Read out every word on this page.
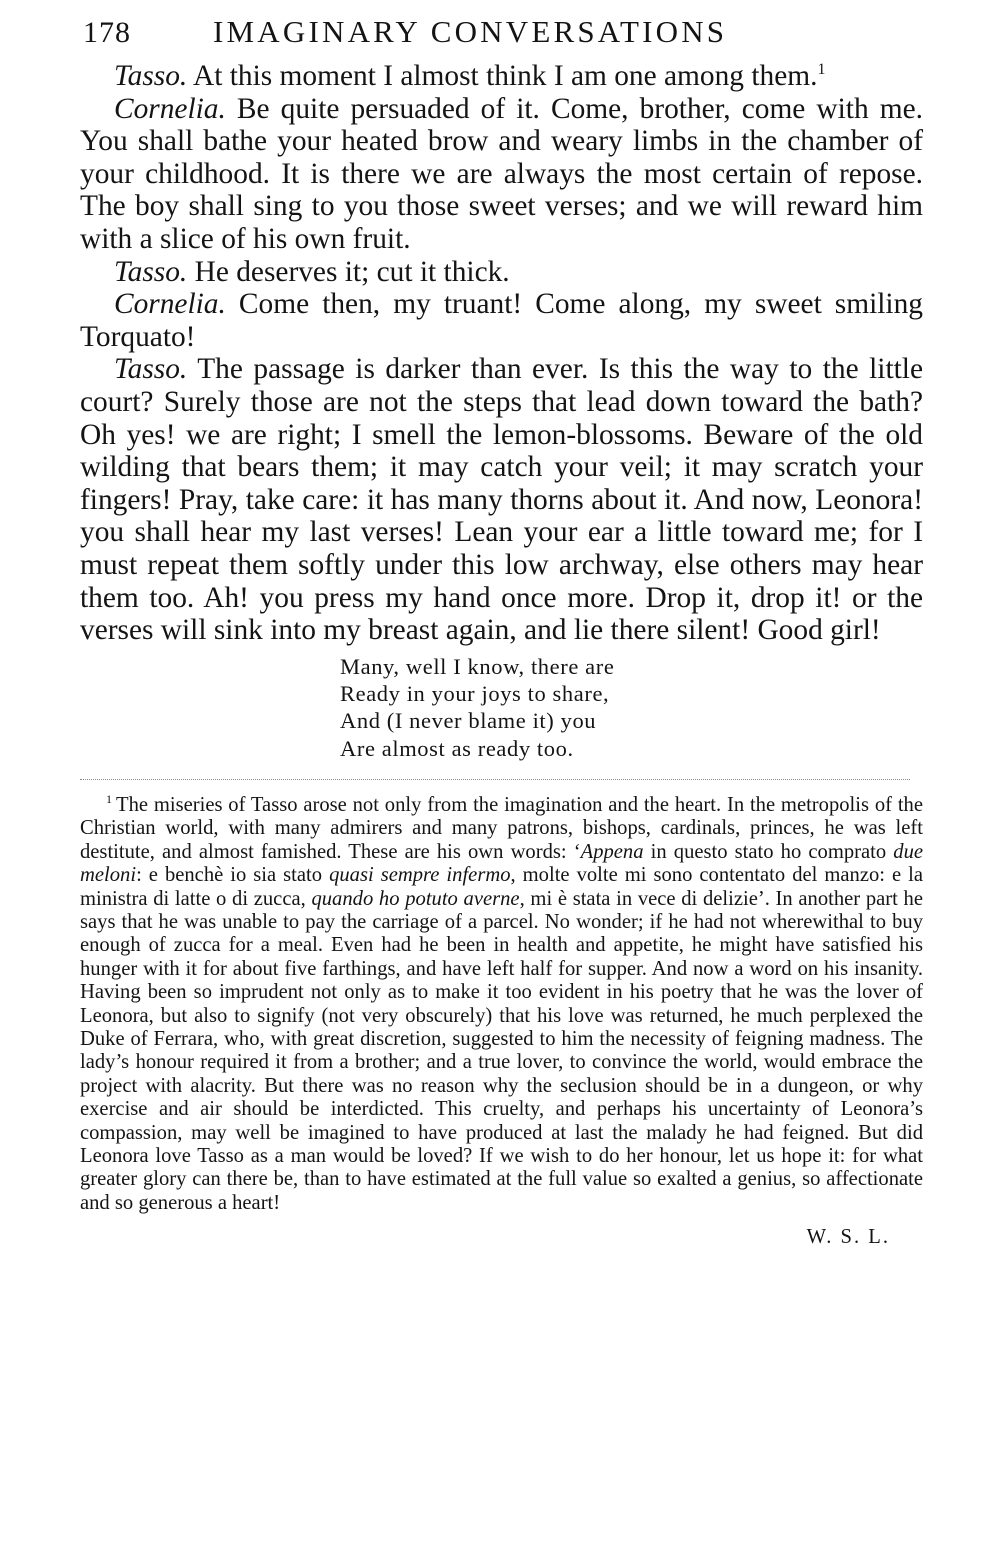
178	IMAGINARY CONVERSATIONS

Tasso. At this moment I almost think I am one among them.$^1$

Cornelia. Be quite persuaded of it. Come, brother, come with me. You shall bathe your heated brow and weary limbs in the chamber of your childhood. It is there we are always the most certain of repose. The boy shall sing to you those sweet verses; and we will reward him with a slice of his own fruit.

Tasso. He deserves it; cut it thick.

Cornelia. Come then, my truant! Come along, my sweet smiling Torquato!

Tasso. The passage is darker than ever. Is this the way to the little court? Surely those are not the steps that lead down toward the bath? Oh yes! we are right; I smell the lemon-blossoms. Beware of the old wilding that bears them; it may catch your veil; it may scratch your fingers! Pray, take care: it has many thorns about it. And now, Leonora! you shall hear my last verses! Lean your ear a little toward me; for I must repeat them softly under this low archway, else others may hear them too. Ah! you press my hand once more. Drop it, drop it! or the verses will sink into my breast again, and lie there silent! Good girl!

Many, well I know, there are
Ready in your joys to share,
And (I never blame it) you
Are almost as ready too.
$^1$ The miseries of Tasso arose not only from the imagination and the heart. In the metropolis of the Christian world, with many admirers and many patrons, bishops, cardinals, princes, he was left destitute, and almost famished. These are his own words: ‘Appena in questo stato ho comprato due meloni: e benchè io sia stato quasi sempre infermo, molte volte mi sono contentato del manzo: e la ministra di latte o di zucca, quando ho potuto averne, mi è stata in vece di delizie’. In another part he says that he was unable to pay the carriage of a parcel. No wonder; if he had not wherewithal to buy enough of zucca for a meal. Even had he been in health and appetite, he might have satisfied his hunger with it for about five farthings, and have left half for supper. And now a word on his insanity. Having been so imprudent not only as to make it too evident in his poetry that he was the lover of Leonora, but also to signify (not very obscurely) that his love was returned, he much perplexed the Duke of Ferrara, who, with great discretion, suggested to him the necessity of feigning madness. The lady’s honour required it from a brother; and a true lover, to convince the world, would embrace the project with alacrity. But there was no reason why the seclusion should be in a dungeon, or why exercise and air should be interdicted. This cruelty, and perhaps his uncertainty of Leonora’s compassion, may well be imagined to have produced at last the malady he had feigned. But did Leonora love Tasso as a man would be loved? If we wish to do her honour, let us hope it: for what greater glory can there be, than to have estimated at the full value so exalted a genius, so affectionate and so generous a heart!
W. S. L.
